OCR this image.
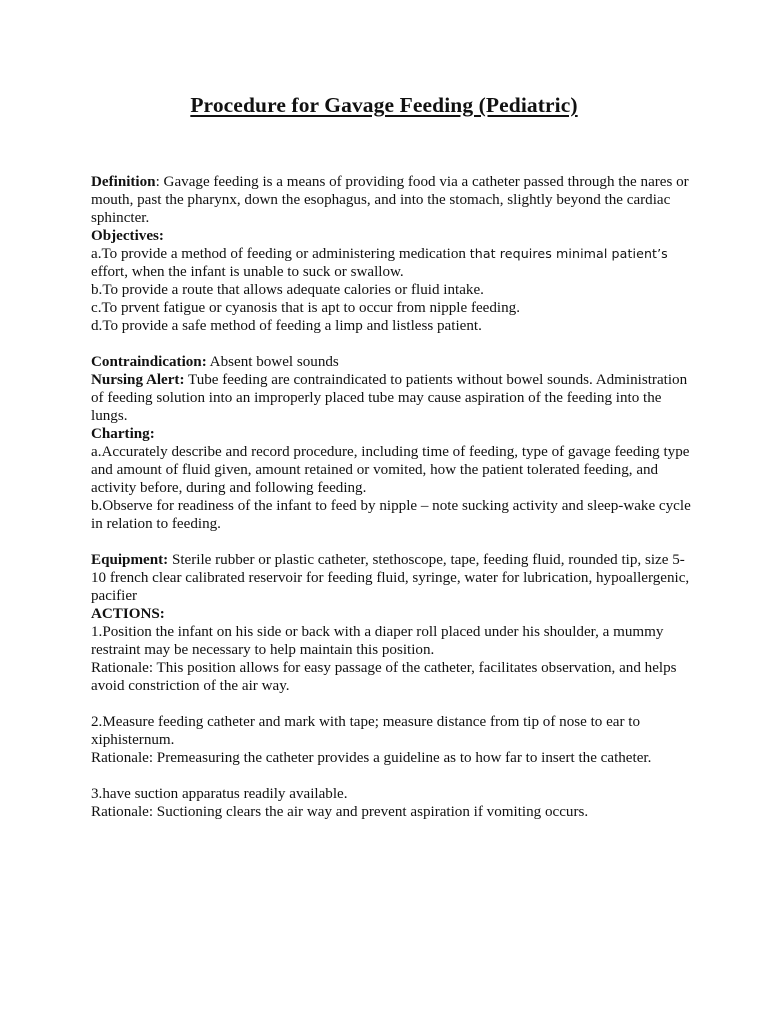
Procedure for Gavage Feeding (Pediatric)

Definition: Gavage feeding is a means of providing food via a catheter passed through the nares or mouth, past the pharynx, down the esophagus, and into the stomach, slightly beyond the cardiac sphincter.

Objectives:

a.To provide a method of feeding or administering medication that requires minimal patient’s

effort, when the infant is unable to suck or swallow.

b.To provide a route that allows adequate calories or fluid intake.

c.To prvent fatigue or cyanosis that is apt to occur from nipple feeding.

d.To provide a safe method of feeding a limp and listless patient.

Contraindication: Absent bowel sounds

Nursing Alert: Tube feeding are contraindicated to patients without bowel sounds. Administration of feeding solution into an improperly placed tube may cause aspiration of the feeding into the lungs.

Charting:

a.Accurately describe and record procedure, including time of feeding, type of gavage feeding type and amount of fluid given, amount retained or vomited, how the patient tolerated feeding, and activity before, during and following feeding.

b.Observe for readiness of the infant to feed by nipple – note sucking activity and sleep-wake cycle in relation to feeding.

Equipment: Sterile rubber or plastic catheter, stethoscope, tape, feeding fluid, rounded tip, size 5-10 french clear calibrated reservoir for feeding fluid, syringe, water for lubrication, hypoallergenic, pacifier

ACTIONS:

1.Position the infant on his side or back with a diaper roll placed under his shoulder, a mummy restraint may be necessary to help maintain this position.

Rationale: This position allows for easy passage of the catheter, facilitates observation, and helps avoid constriction of the air way.

2.Measure feeding catheter and mark with tape; measure distance from tip of nose to ear to xiphisternum.

Rationale: Premeasuring the catheter provides a guideline as to how far to insert the catheter.

3.have suction apparatus readily available.

Rationale: Suctioning clears the air way and prevent aspiration if vomiting occurs.
